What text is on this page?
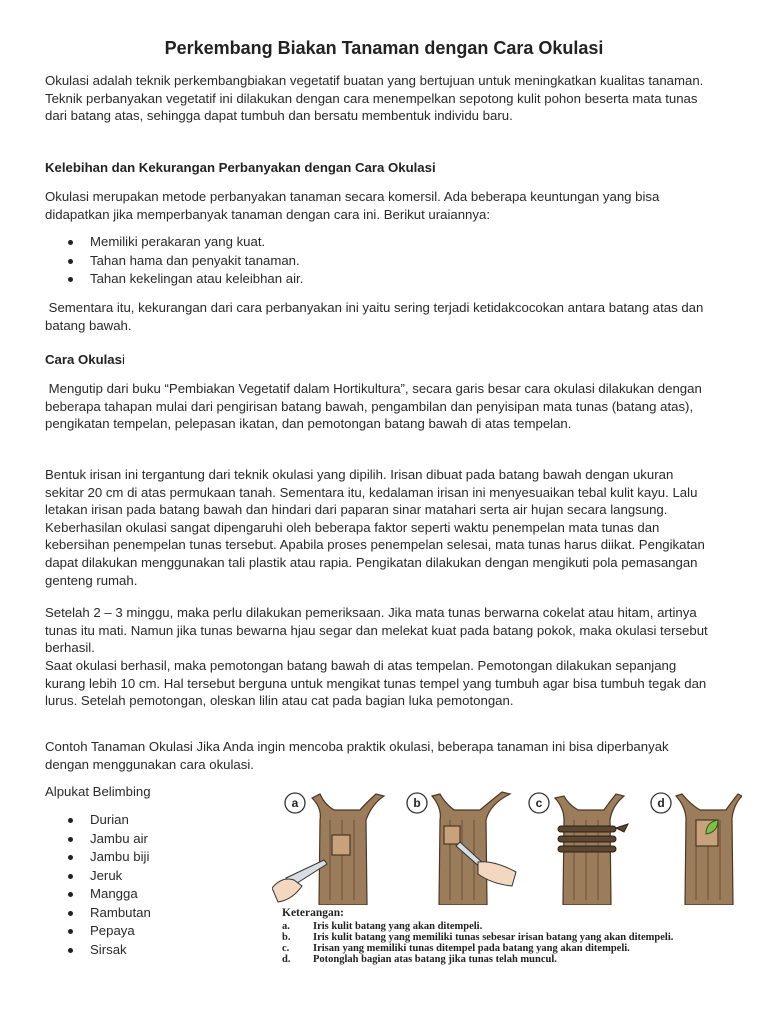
Perkembang Biakan Tanaman dengan Cara Okulasi

Okulasi adalah teknik perkembangbiakan vegetatif buatan yang bertujuan untuk meningkatkan kualitas tanaman. Teknik perbanyakan vegetatif ini dilakukan dengan cara menempelkan sepotong kulit pohon beserta mata tunas dari batang atas, sehingga dapat tumbuh dan bersatu membentuk individu baru.

Kelebihan dan Kekurangan Perbanyakan dengan Cara Okulasi

Okulasi merupakan metode perbanyakan tanaman secara komersil. Ada beberapa keuntungan yang bisa didapatkan jika memperbanyak tanaman dengan cara ini. Berikut uraiannya:

Memiliki perakaran yang kuat.
Tahan hama dan penyakit tanaman.
Tahan kekelingan atau keleibhan air.

Sementara itu, kekurangan dari cara perbanyakan ini yaitu sering terjadi ketidakcocokan antara batang atas dan batang bawah.

Cara Okulasi

Mengutip dari buku “Pembiakan Vegetatif dalam Hortikultura”, secara garis besar cara okulasi dilakukan dengan beberapa tahapan mulai dari pengirisan batang bawah, pengambilan dan penyisipan mata tunas (batang atas), pengikatan tempelan, pelepasan ikatan, dan pemotongan batang bawah di atas tempelan.

Bentuk irisan ini tergantung dari teknik okulasi yang dipilih. Irisan dibuat pada batang bawah dengan ukuran sekitar 20 cm di atas permukaan tanah. Sementara itu, kedalaman irisan ini menyesuaikan tebal kulit kayu. Lalu letakan irisan pada batang bawah dan hindari dari paparan sinar matahari serta air hujan secara langsung. Keberhasilan okulasi sangat dipengaruhi oleh beberapa faktor seperti waktu penempelan mata tunas dan kebersihan penempelan tunas tersebut. Apabila proses penempelan selesai, mata tunas harus diikat. Pengikatan dapat dilakukan menggunakan tali plastik atau rapia. Pengikatan dilakukan dengan mengikuti pola pemasangan genteng rumah.

Setelah 2 – 3 minggu, maka perlu dilakukan pemeriksaan. Jika mata tunas berwarna cokelat atau hitam, artinya tunas itu mati. Namun jika tunas bewarna hjau segar dan melekat kuat pada batang pokok, maka okulasi tersebut berhasil.

Saat okulasi berhasil, maka pemotongan batang bawah di atas tempelan. Pemotongan dilakukan sepanjang kurang lebih 10 cm. Hal tersebut berguna untuk mengikat tunas tempel yang tumbuh agar bisa tumbuh tegak dan lurus. Setelah pemotongan, oleskan lilin atau cat pada bagian luka pemotongan.

Contoh Tanaman Okulasi Jika Anda ingin mencoba praktik okulasi, beberapa tanaman ini bisa diperbanyak dengan menggunakan cara okulasi.

Alpukat Belimbing

Durian
Jambu air
Jambu biji
Jeruk
Mangga
Rambutan
Pepaya
Sirsak
a	b	c	d
Keterangan:
a.	Iris kulit batang yang akan ditempeli.
b.	Iris kulit batang yang memiliki tunas sebesar irisan batang yang akan ditempeli.
c.	Irisan yang memiliki tunas ditempel pada batang yang akan ditempeli.
d.	Potonglah bagian atas batang jika tunas telah muncul.
